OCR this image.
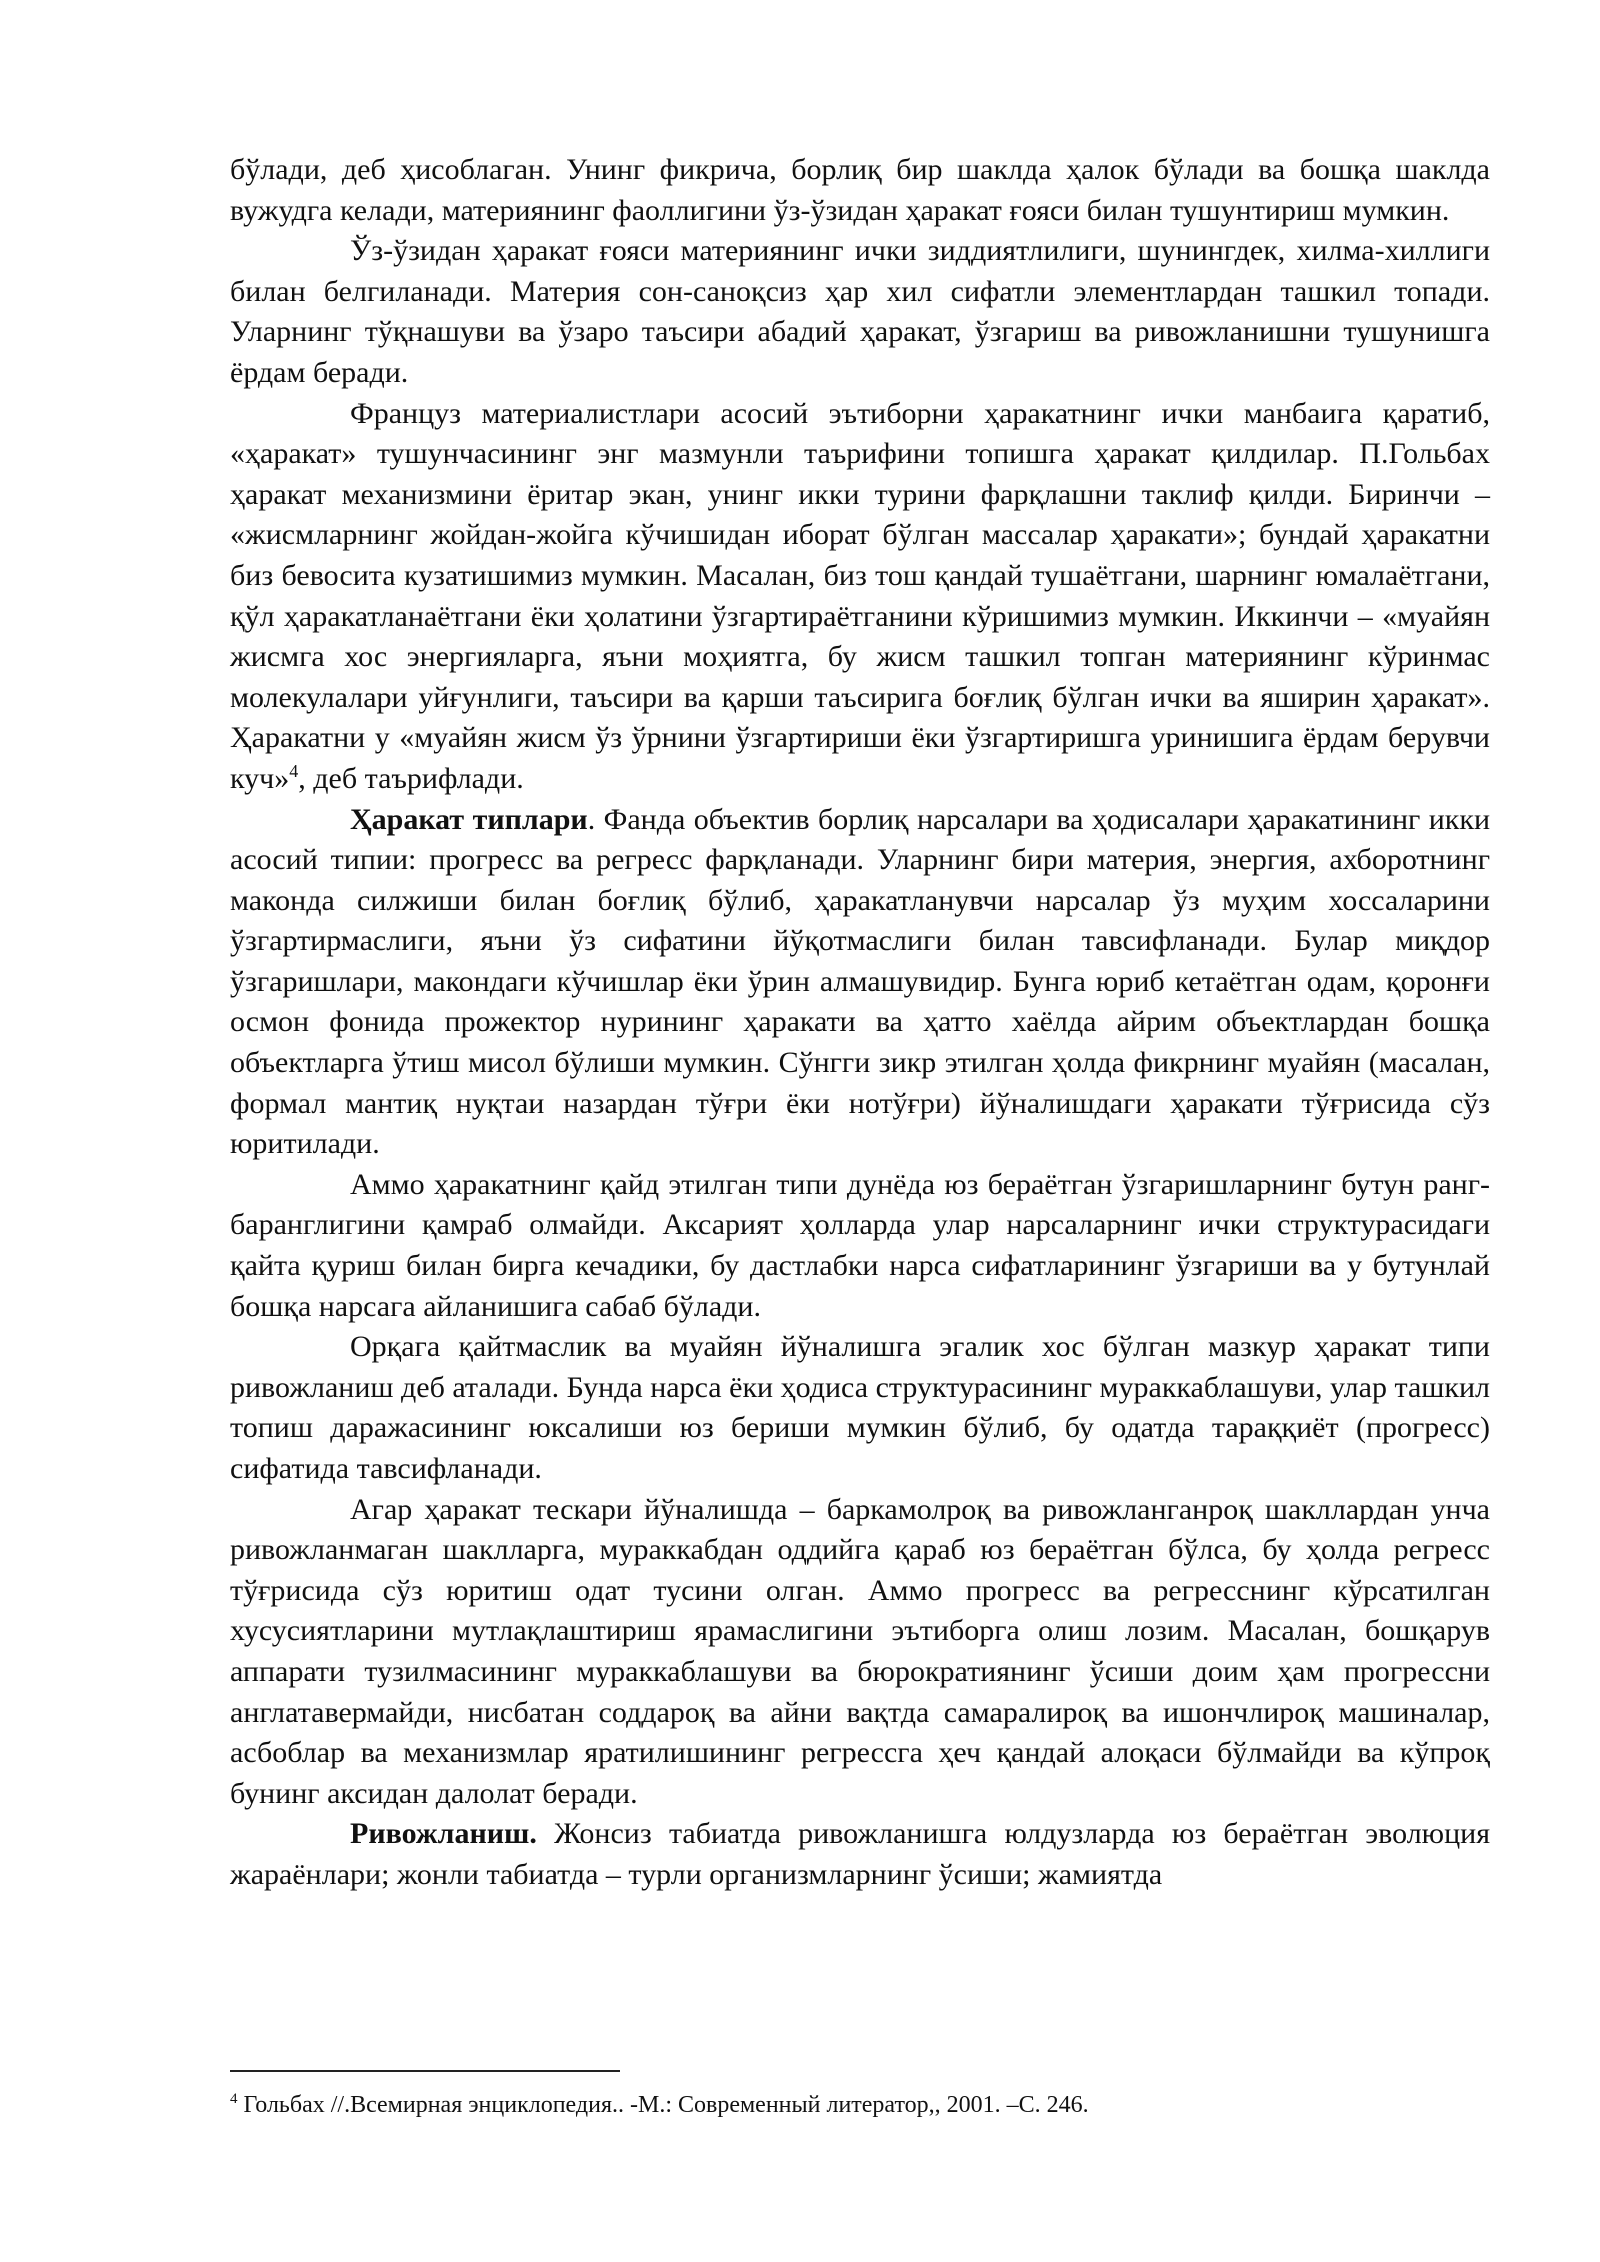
бўлади, деб ҳисоблаган. Унинг фикрича, борлиқ бир шаклда ҳалок бўлади ва бошқа шаклда вужудга келади, материянинг фаоллигини ўз-ўзидан ҳаракат ғояси билан тушунтириш мумкин.

Ўз-ўзидан ҳаракат ғояси материянинг ички зиддиятлилиги, шунингдек, хилма-хиллиги билан белгиланади. Материя сон-саноқсиз ҳар хил сифатли элементлардан ташкил топади. Уларнинг тўқнашуви ва ўзаро таъсири абадий ҳаракат, ўзгариш ва ривожланишни тушунишга ёрдам беради.

Француз материалистлари асосий эътиборни ҳаракатнинг ички манбаига қаратиб, «ҳаракат» тушунчасининг энг мазмунли таърифини топишга ҳаракат қилдилар. П.Гольбах ҳаракат механизмини ёритар экан, унинг икки турини фарқлашни таклиф қилди. Биринчи – «жисмларнинг жойдан-жойга кўчишидан иборат бўлган массалар ҳаракати»; бундай ҳаракатни биз бевосита кузатишимиз мумкин. Масалан, биз тош қандай тушаётгани, шарнинг юмалаётгани, қўл ҳаракатланаётгани ёки ҳолатини ўзгартираётганини кўришимиз мумкин. Иккинчи – «муайян жисмга хос энергияларга, яъни моҳиятга, бу жисм ташкил топган материянинг кўринмас молекулалари уйғунлиги, таъсири ва қарши таъсирига боғлиқ бўлган ички ва яширин ҳаракат». Ҳаракатни у «муайян жисм ўз ўрнини ўзгартириши ёки ўзгартиришга уринишига ёрдам берувчи куч»$^4$, деб таърифлади.

Ҳаракат типлари. Фанда объектив борлиқ нарсалари ва ҳодисалари ҳаракатининг икки асосий типии: прогресс ва регресс фарқланади. Уларнинг бири материя, энергия, ахборотнинг маконда силжиши билан боғлиқ бўлиб, ҳаракатланувчи нарсалар ўз муҳим хоссаларини ўзгартирмаслиги, яъни ўз сифатини йўқотмаслиги билан тавсифланади. Булар миқдор ўзгаришлари, макондаги кўчишлар ёки ўрин алмашувидир. Бунга юриб кетаётган одам, қоронғи осмон фонида прожектор нурининг ҳаракати ва ҳатто хаёлда айрим объектлардан бошқа объектларга ўтиш мисол бўлиши мумкин. Сўнгги зикр этилган ҳолда фикрнинг муайян (масалан, формал мантиқ нуқтаи назардан тўғри ёки нотўғри) йўналишдаги ҳаракати тўғрисида сўз юритилади.

Аммо ҳаракатнинг қайд этилган типи дунёда юз бераётган ўзгаришларнинг бутун ранг-баранглигини қамраб олмайди. Аксарият ҳолларда улар нарсаларнинг ички структурасидаги қайта қуриш билан бирга кечадики, бу дастлабки нарса сифатларининг ўзгариши ва у бутунлай бошқа нарсага айланишига сабаб бўлади.

Орқага қайтмаслик ва муайян йўналишга эгалик хос бўлган мазкур ҳаракат типи ривожланиш деб аталади. Бунда нарса ёки ҳодиса структурасининг мураккаблашуви, улар ташкил топиш даражасининг юксалиши юз бериши мумкин бўлиб, бу одатда тараққиёт (прогресс) сифатида тавсифланади.

Агар ҳаракат тескари йўналишда – баркамолроқ ва ривожланганроқ шакллардан унча ривожланмаган шаклларга, мураккабдан оддийга қараб юз бераётган бўлса, бу ҳолда регресс тўғрисида сўз юритиш одат тусини олган. Аммо прогресс ва регресснинг кўрсатилган хусусиятларини мутлақлаштириш ярамаслигини эътиборга олиш лозим. Масалан, бошқарув аппарати тузилмасининг мураккаблашуви ва бюрократиянинг ўсиши доим ҳам прогрессни англатавермайди, нисбатан соддароқ ва айни вақтда самаралироқ ва ишончлироқ машиналар, асбоблар ва механизмлар яратилишининг регрессга ҳеч қандай алоқаси бўлмайди ва кўпроқ бунинг аксидан далолат беради.

Ривожланиш. Жонсиз табиатда ривожланишга юлдузларда юз бераётган эволюция жараёнлари; жонли табиатда – турли организмларнинг ўсиши; жамиятда

$^4$ Гольбах //.Всемирная энциклопедия.. -М.: Современный литератор,, 2001. –С. 246.
